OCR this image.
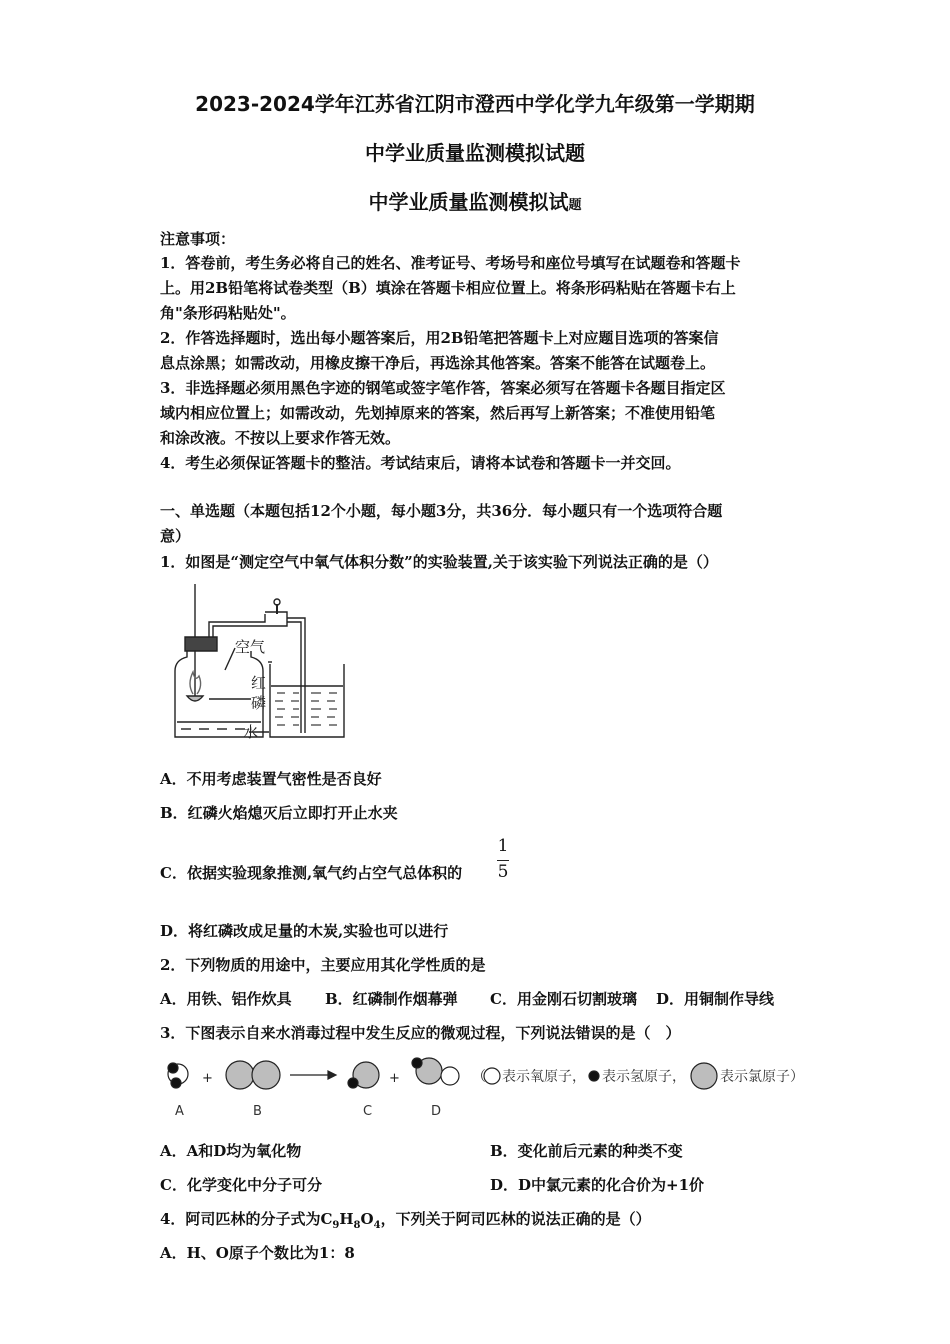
2023-2024学年江苏省江阴市澄西中学化学九年级第一学期期
中学业质量监测模拟试题
中学业质量监测模拟试题
注意事项：
1．答卷前，考生务必将自己的姓名、准考证号、考场号和座位号填写在试题卷和答题卡
上。用2B铅笔将试卷类型（B）填涂在答题卡相应位置上。将条形码粘贴在答题卡右上
角"条形码粘贴处"。
2．作答选择题时，选出每小题答案后，用2B铅笔把答题卡上对应题目选项的答案信
息点涂黑；如需改动，用橡皮擦干净后，再选涂其他答案。答案不能答在试题卷上。
3．非选择题必须用黑色字迹的钢笔或签字笔作答，答案必须写在答题卡各题目指定区
域内相应位置上；如需改动，先划掉原来的答案，然后再写上新答案；不准使用铅笔
和涂改液。不按以上要求作答无效。
4．考生必须保证答题卡的整洁。考试结束后，请将本试卷和答题卡一并交回。
一、单选题（本题包括12个小题，每小题3分，共36分．每小题只有一个选项符合题
意）
1．如图是“测定空气中氧气体积分数”的实验装置,关于该实验下列说法正确的是（）
空气
红
磷
水
A．不用考虑装置气密性是否良好
B．红磷火焰熄灭后立即打开止水夹
C．依据实验现象推测,氧气约占空气总体积的
1
5
D．将红磷改成足量的木炭,实验也可以进行
2．下列物质的用途中，主要应用其化学性质的是
A．用铁、铝作炊具 B．红磷制作烟幕弹 C．用金刚石切割玻璃 D．用铜制作导线
3．下图表示自来水消毒过程中发生反应的微观过程，下列说法错误的是（　）
+	+	（ 表示氧原子， 表示氢原子， 表示氯原子）
A	B	C	D
A．A和D均为氧化物	B．变化前后元素的种类不变
C．化学变化中分子可分	D．D中氯元素的化合价为+1价
4．阿司匹林的分子式为$C_9H_8O_4$，下列关于阿司匹林的说法正确的是（）
A．H、O原子个数比为1：8
